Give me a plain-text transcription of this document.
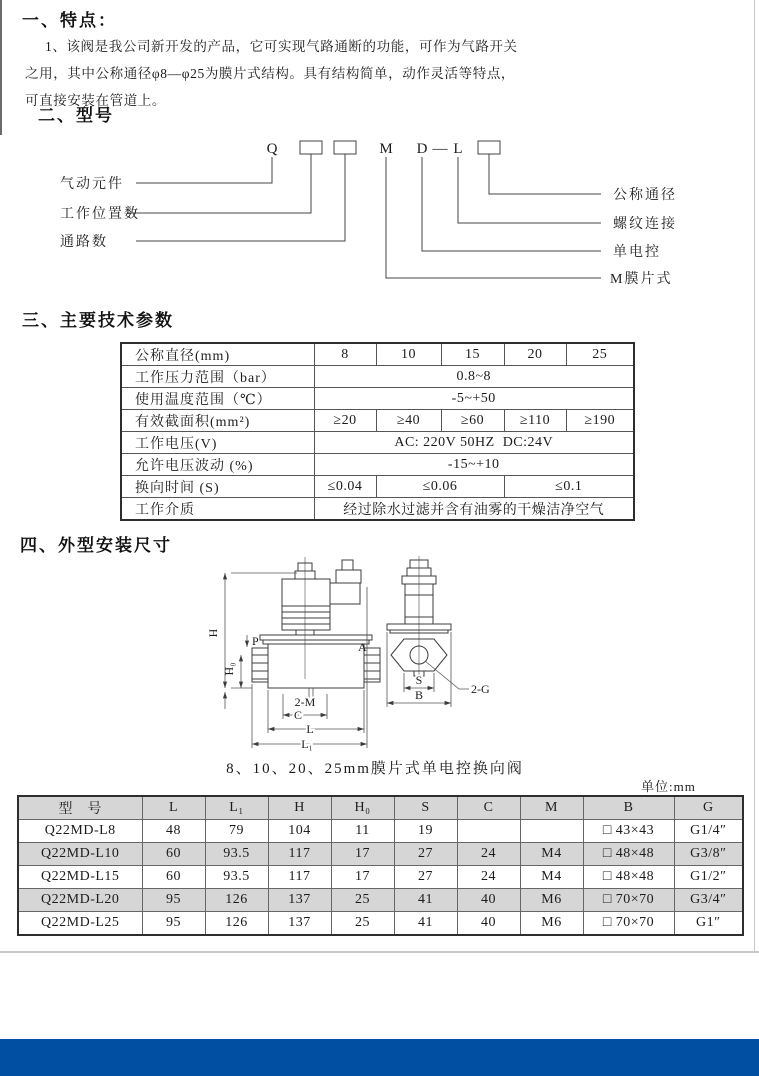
一、特点：
1、该阀是我公司新开发的产品，它可实现气路通断的功能，可作为气路开关
之用，其中公称通径φ8—φ25为膜片式结构。具有结构简单，动作灵活等特点，
可直接安装在管道上。
二、型号
Q	M D — L
气动元件
工作位置数
通路数
公称通径
螺纹连接
单电控
M膜片式
三、主要技术参数
公称直径(mm)	8	10	15	20	25
工作压力范围（bar）	0.8~8				
使用温度范围（℃）	-5~+50				
有效截面积(mm²)	≥20	≥40	≥60	≥110	≥190
工作电压(V)	AC: 220V 50HZ  DC:24V				
允许电压波动 (%)	-15~+10				
换向时间 (S)	≤0.04	≤0.06		≤0.1	
工作介质	经过除水过滤并含有油雾的干燥洁净空气				
四、外型安装尺寸
H
P
H₀
A
2-M
C
L
L₁
S
B	2-G
8、10、20、25mm膜片式单电控换向阀
单位:mm
型　号	L	L₁	H	H₀	S	C	M	B	G
Q22MD-L8	48	79	104	11	19			□ 43×43	G1/4″
Q22MD-L10	60	93.5	117	17	27	24	M4	□ 48×48	G3/8″
Q22MD-L15	60	93.5	117	17	27	24	M4	□ 48×48	G1/2″
Q22MD-L20	95	126	137	25	41	40	M6	□ 70×70	G3/4″
Q22MD-L25	95	126	137	25	41	40	M6	□ 70×70	G1″
